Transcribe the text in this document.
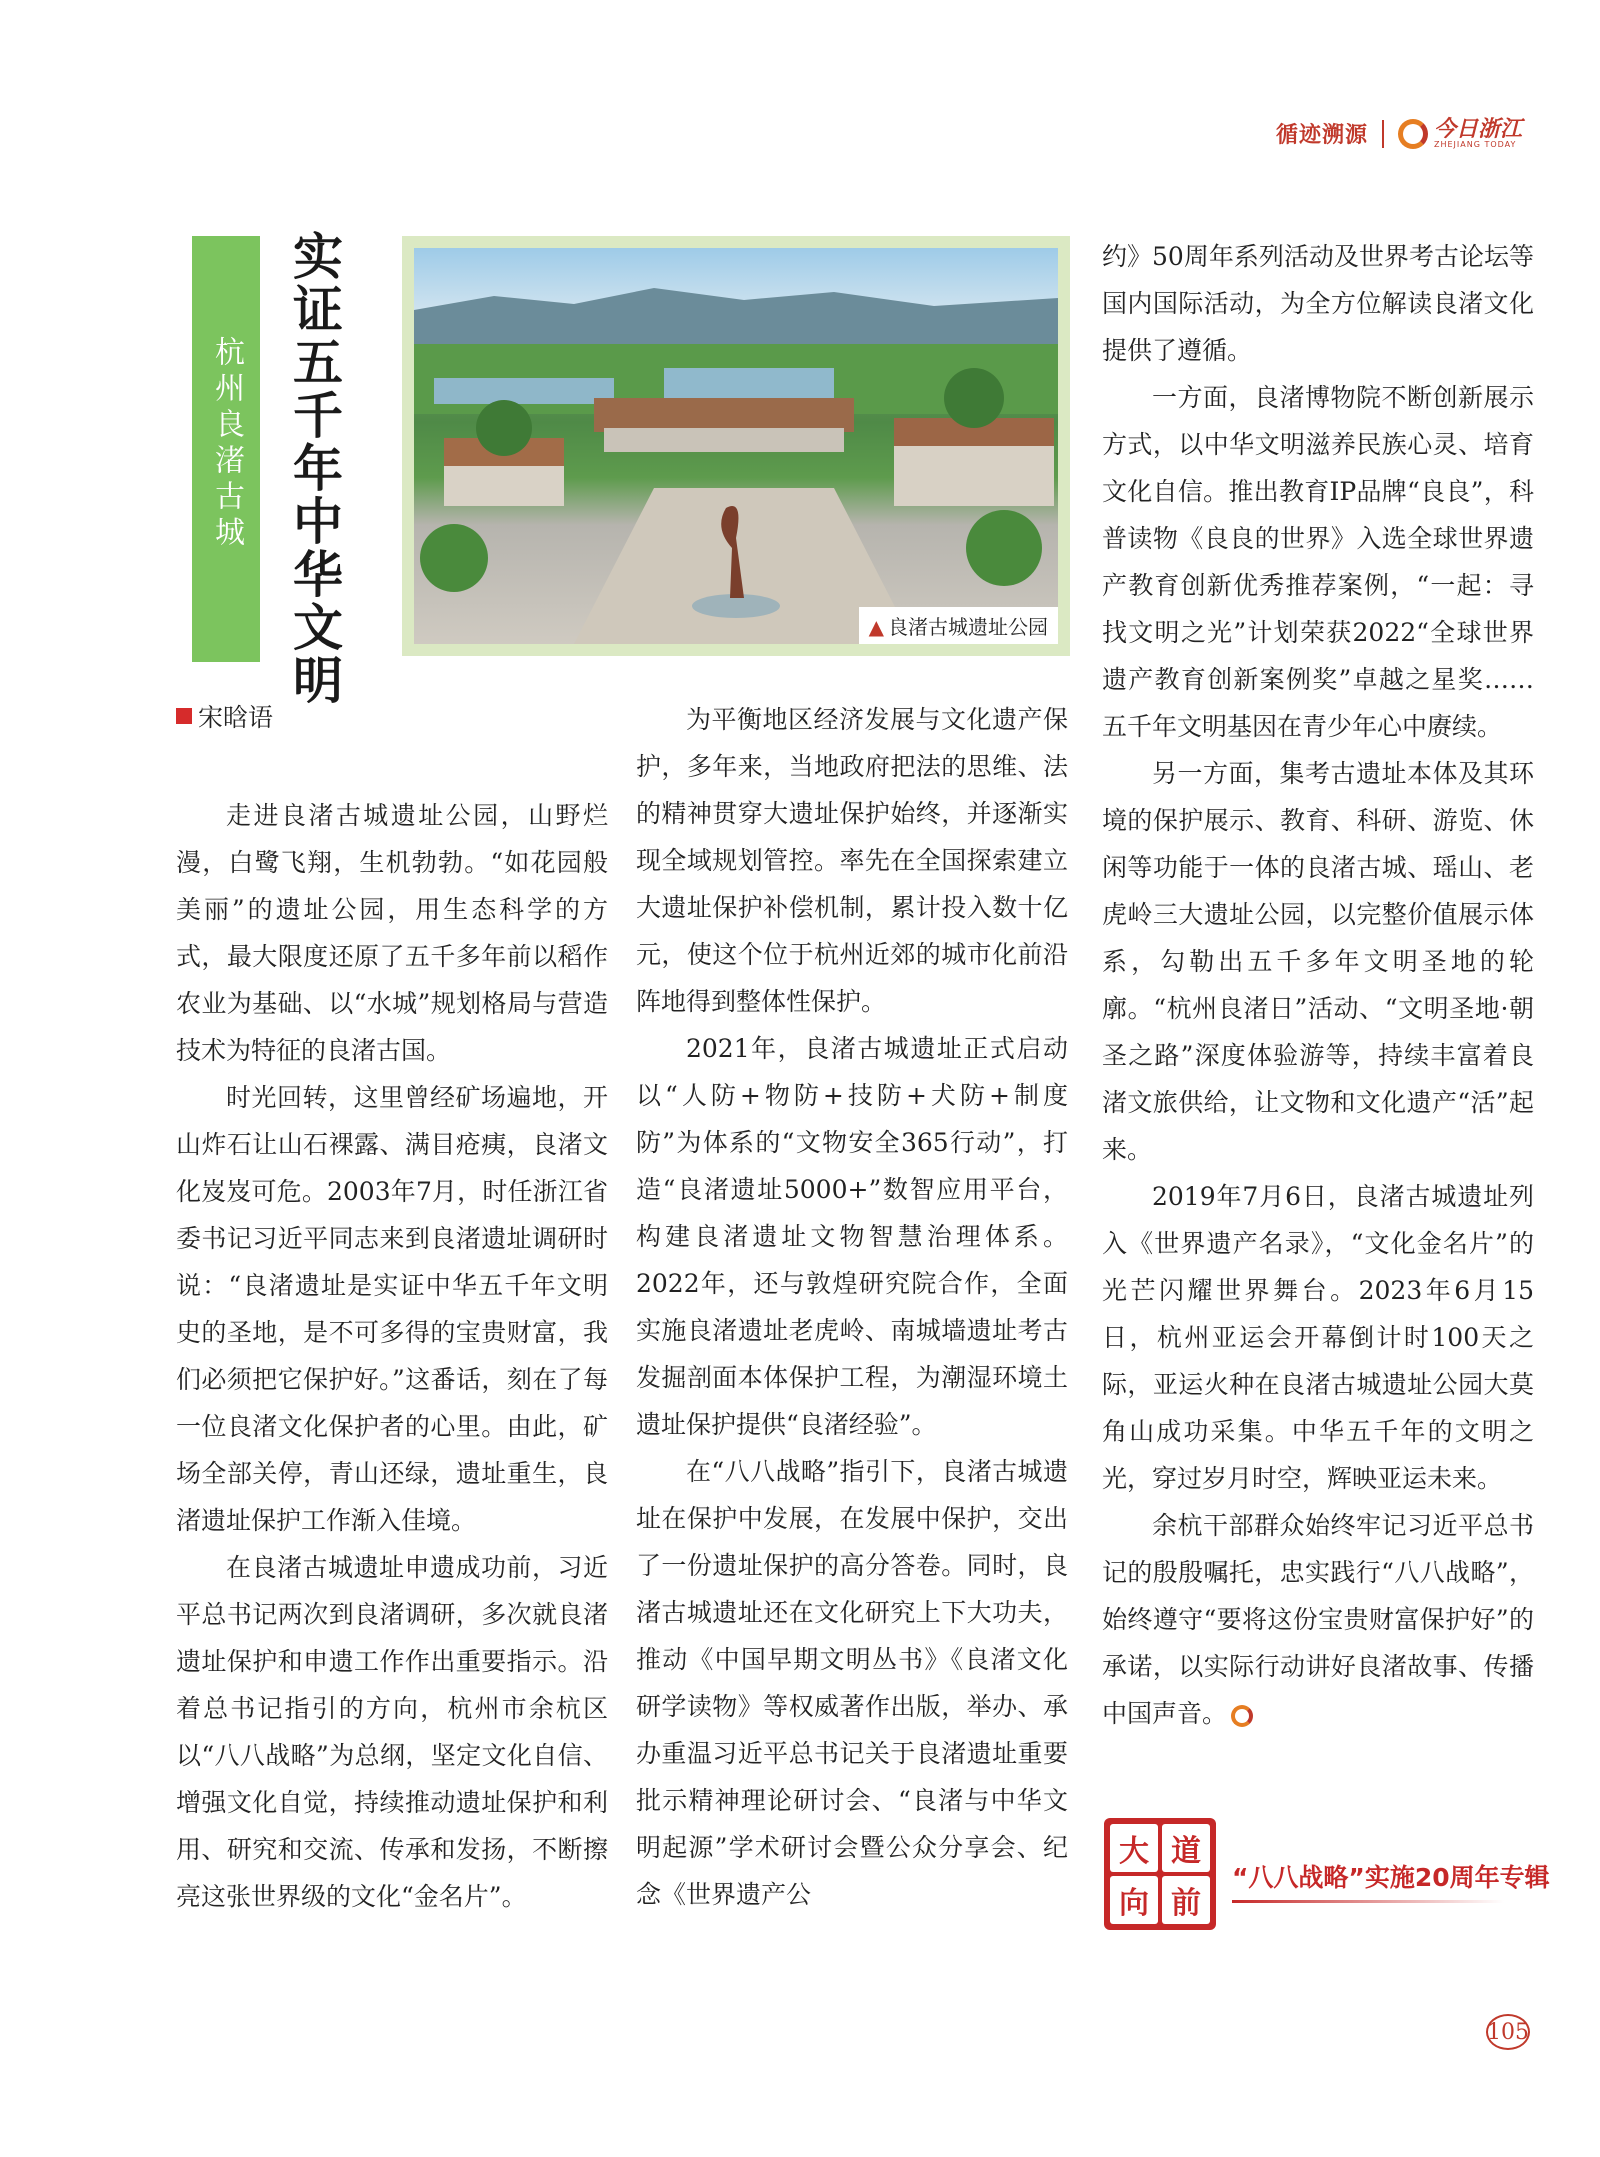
循迹溯源	今日浙江
ZHEJIANG TODAY
杭州良渚古城 实证五千年中华文明	▲ 良渚古城遗址公园
宋晗语

走进良渚古城遗址公园，山野烂漫，白鹭飞翔，生机勃勃。“如花园般美丽”的遗址公园，用生态科学的方式，最大限度还原了五千多年前以稻作农业为基础、以“水城”规划格局与营造技术为特征的良渚古国。

时光回转，这里曾经矿场遍地，开山炸石让山石裸露、满目疮痍，良渚文化岌岌可危。2003年7月，时任浙江省委书记习近平同志来到良渚遗址调研时说：“良渚遗址是实证中华五千年文明史的圣地，是不可多得的宝贵财富，我们必须把它保护好。”这番话，刻在了每一位良渚文化保护者的心里。由此，矿场全部关停，青山还绿，遗址重生，良渚遗址保护工作渐入佳境。

在良渚古城遗址申遗成功前，习近平总书记两次到良渚调研，多次就良渚遗址保护和申遗工作作出重要指示。沿着总书记指引的方向，杭州市余杭区以“八八战略”为总纲，坚定文化自信、增强文化自觉，持续推动遗址保护和利用、研究和交流、传承和发扬，不断擦亮这张世界级的文化“金名片”。

为平衡地区经济发展与文化遗产保护，多年来，当地政府把法的思维、法的精神贯穿大遗址保护始终，并逐渐实现全域规划管控。率先在全国探索建立大遗址保护补偿机制，累计投入数十亿元，使这个位于杭州近郊的城市化前沿阵地得到整体性保护。

2021年，良渚古城遗址正式启动以“人防+物防+技防+犬防+制度防”为体系的“文物安全365行动”，打造“良渚遗址5000+”数智应用平台，构建良渚遗址文物智慧治理体系。2022年，还与敦煌研究院合作，全面实施良渚遗址老虎岭、南城墙遗址考古发掘剖面本体保护工程，为潮湿环境土遗址保护提供“良渚经验”。

在“八八战略”指引下，良渚古城遗址在保护中发展，在发展中保护，交出了一份遗址保护的高分答卷。同时，良渚古城遗址还在文化研究上下大功夫，推动《中国早期文明丛书》《良渚文化研学读物》等权威著作出版，举办、承办重温习近平总书记关于良渚遗址重要批示精神理论研讨会、“良渚与中华文明起源”学术研讨会暨公众分享会、纪念《世界遗产公

约》50周年系列活动及世界考古论坛等国内国际活动，为全方位解读良渚文化提供了遵循。

一方面，良渚博物院不断创新展示方式，以中华文明滋养民族心灵、培育文化自信。推出教育IP品牌“良良”，科普读物《良良的世界》入选全球世界遗产教育创新优秀推荐案例，“一起：寻找文明之光”计划荣获2022“全球世界遗产教育创新案例奖”卓越之星奖……五千年文明基因在青少年心中赓续。

另一方面，集考古遗址本体及其环境的保护展示、教育、科研、游览、休闲等功能于一体的良渚古城、瑶山、老虎岭三大遗址公园，以完整价值展示体系，勾勒出五千多年文明圣地的轮廓。“杭州良渚日”活动、“文明圣地·朝圣之路”深度体验游等，持续丰富着良渚文旅供给，让文物和文化遗产“活”起来。

2019年7月6日，良渚古城遗址列入《世界遗产名录》，“文化金名片”的光芒闪耀世界舞台。2023年6月15日，杭州亚运会开幕倒计时100天之际，亚运火种在良渚古城遗址公园大莫角山成功采集。中华五千年的文明之光，穿过岁月时空，辉映亚运未来。

余杭干部群众始终牢记习近平总书记的殷殷嘱托，忠实践行“八八战略”，始终遵守“要将这份宝贵财富保护好”的承诺，以实际行动讲好良渚故事、传播中国声音。

大 道
向 前
“八八战略”实施20周年专辑
105
